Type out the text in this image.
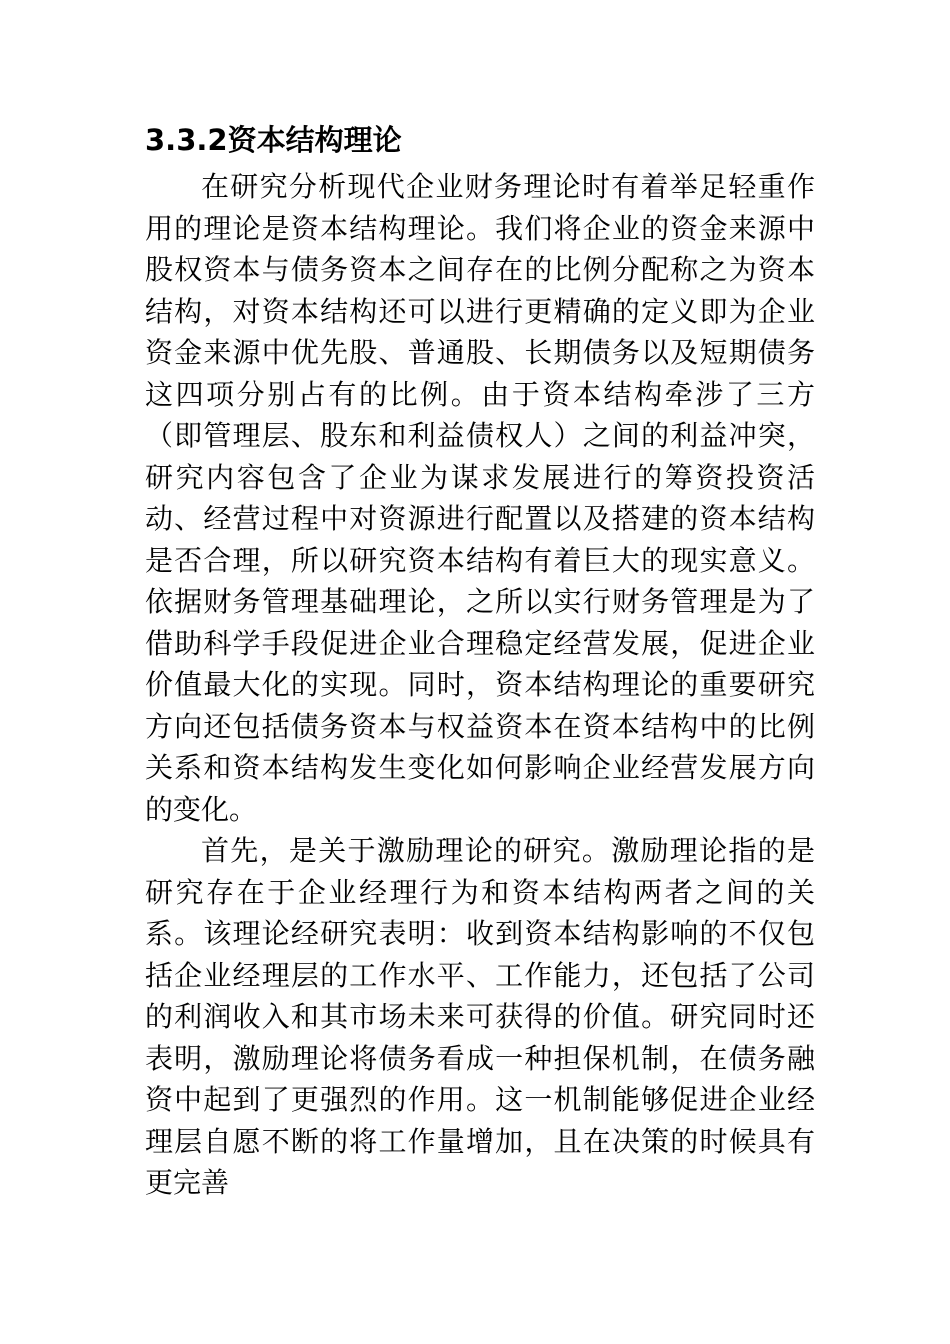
3.3.2资本结构理论

在研究分析现代企业财务理论时有着举足轻重作用的理论是资本结构理论。我们将企业的资金来源中股权资本与债务资本之间存在的比例分配称之为资本结构，对资本结构还可以进行更精确的定义即为企业资金来源中优先股、普通股、长期债务以及短期债务这四项分别占有的比例。由于资本结构牵涉了三方（即管理层、股东和利益债权人）之间的利益冲突，研究内容包含了企业为谋求发展进行的筹资投资活动、经营过程中对资源进行配置以及搭建的资本结构是否合理，所以研究资本结构有着巨大的现实意义。依据财务管理基础理论，之所以实行财务管理是为了借助科学手段促进企业合理稳定经营发展，促进企业价值最大化的实现。同时，资本结构理论的重要研究方向还包括债务资本与权益资本在资本结构中的比例关系和资本结构发生变化如何影响企业经营发展方向的变化。

首先，是关于激励理论的研究。激励理论指的是研究存在于企业经理行为和资本结构两者之间的关系。该理论经研究表明：收到资本结构影响的不仅包括企业经理层的工作水平、工作能力，还包括了公司的利润收入和其市场未来可获得的价值。研究同时还表明，激励理论将债务看成一种担保机制，在债务融资中起到了更强烈的作用。这一机制能够促进企业经理层自愿不断的将工作量增加，且在决策的时候具有更完善
